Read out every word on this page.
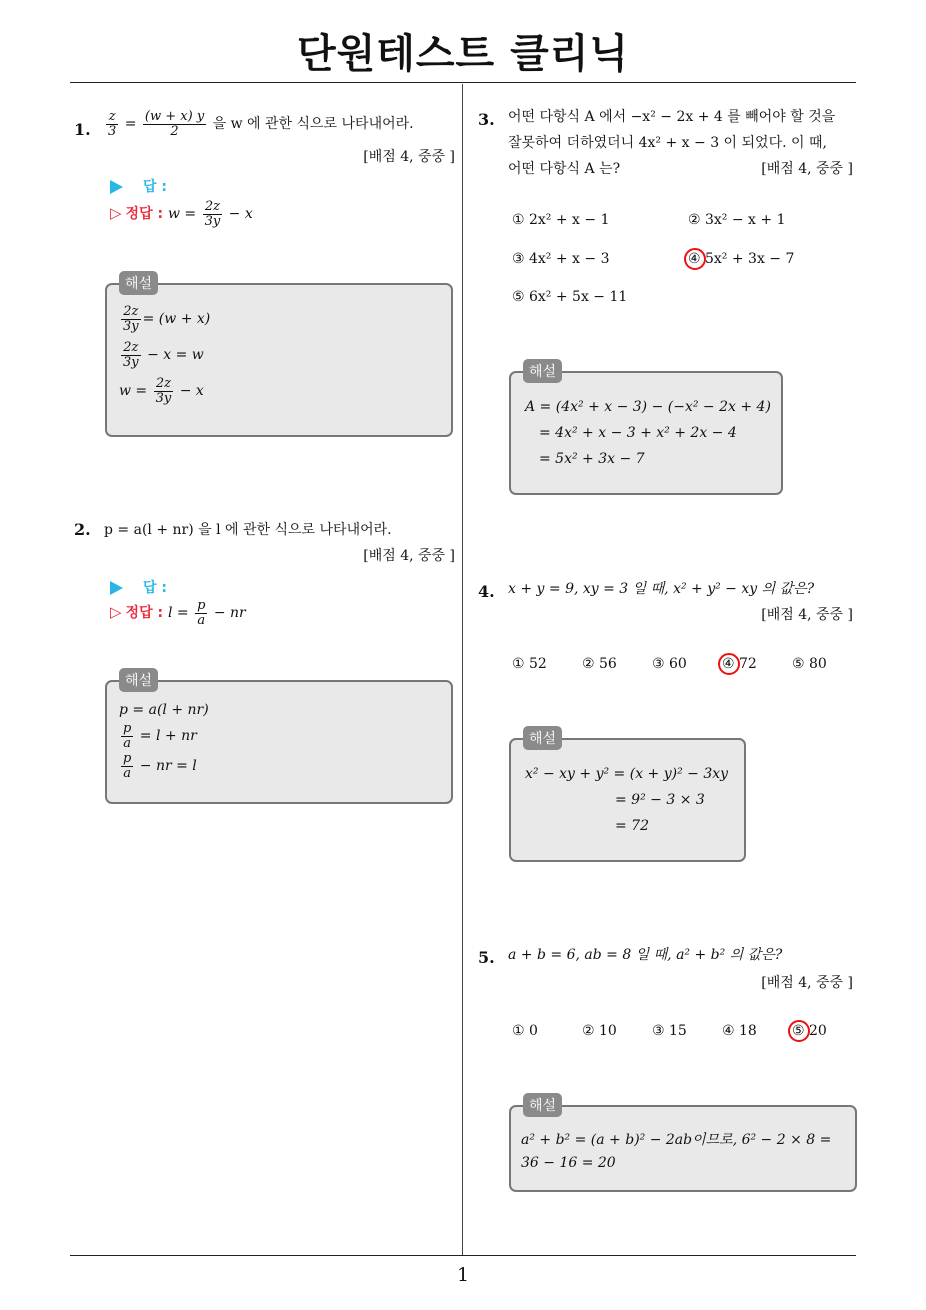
단원테스트 클리닉
1
1. $\frac{z}{3} = \frac{(w + x) y}{2}$ 을 w 에 관한 식으로 나타내어라.
[배점 4, 중중 ]
답 :
▷ 정답 : $w = \frac{2z}{3y} - x$
해설
$\frac{2z}{3y} = (w + x)$
$\frac{2z}{3y} - x = w$
$w = \frac{2z}{3y} - x$
2. p = a(l + nr) 을 l 에 관한 식으로 나타내어라.
[배점 4, 중중 ]
답 :
▷ 정답 : $l = \frac{p}{a}$ − nr
해설
p = a(l + nr)
$\frac{p}{a} = l$ + nr
$\frac{p}{a}$ − nr = l
3. 어떤 다항식 A 에서 −x² − 2x + 4 를 빼어야 할 것을
잘못하여 더하였더니 4x² + x − 3 이 되었다. 이 때,
어떤 다항식 A 는?	[배점 4, 중중 ]
① 2x² + x − 1	② 3x² − x + 1
③ 4x² + x − 3	④ 5x² + 3x − 7
⑤ 6x² + 5x − 11
해설
A = (4x² + x − 3) − (−x² − 2x + 4)
= 4x² + x − 3 + x² + 2x − 4
= 5x² + 3x − 7
4. x + y = 9, xy = 3 일 때, x² + y² − xy 의 값은?
[배점 4, 중중 ]
① 52	② 56	③ 60	④ 72	⑤ 80
해설
x² − xy + y² = (x + y)² − 3xy
= 9² − 3 × 3
= 72
5. a + b = 6, ab = 8 일 때, a² + b² 의 값은?
[배점 4, 중중 ]
① 0	② 10	③ 15	④ 18	⑤ 20
해설
a² + b² = (a + b)² − 2ab이므로, 6² − 2 × 8 =
36 − 16 = 20
